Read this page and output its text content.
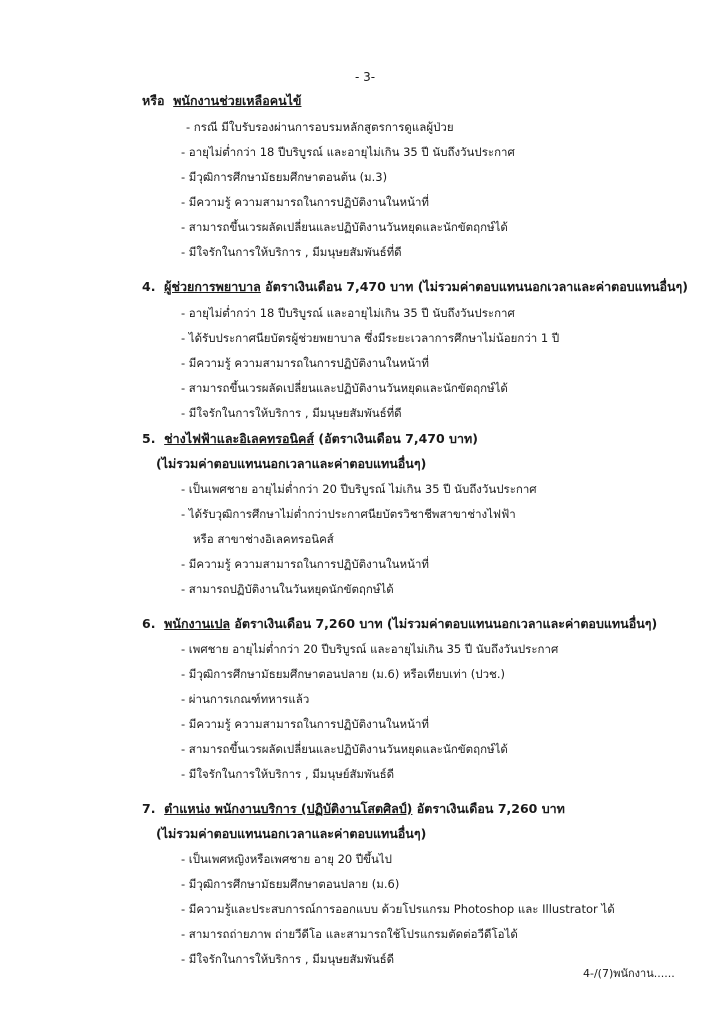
- 3-
หรือ พนักงานช่วยเหลือคนไข้
- กรณี มีใบรับรองผ่านการอบรมหลักสูตรการดูแลผู้ป่วย
- อายุไม่ต่ำกว่า 18 ปีบริบูรณ์ และอายุไม่เกิน 35 ปี นับถึงวันประกาศ
- มีวุฒิการศึกษามัธยมศึกษาตอนต้น (ม.3)
- มีความรู้ ความสามารถในการปฏิบัติงานในหน้าที่
- สามารถขึ้นเวรผลัดเปลี่ยนและปฏิบัติงานวันหยุดและนักขัตฤกษ์ได้
- มีใจรักในการให้บริการ , มีมนุษยสัมพันธ์ที่ดี
4. ผู้ช่วยการพยาบาล อัตราเงินเดือน 7,470 บาท (ไม่รวมค่าตอบแทนนอกเวลาและค่าตอบแทนอื่นๆ)
- อายุไม่ต่ำกว่า 18 ปีบริบูรณ์ และอายุไม่เกิน 35 ปี นับถึงวันประกาศ
- ได้รับประกาศนียบัตรผู้ช่วยพยาบาล ซึ่งมีระยะเวลาการศึกษาไม่น้อยกว่า 1 ปี
- มีความรู้ ความสามารถในการปฏิบัติงานในหน้าที่
- สามารถขึ้นเวรผลัดเปลี่ยนและปฏิบัติงานวันหยุดและนักขัตฤกษ์ได้
- มีใจรักในการให้บริการ , มีมนุษยสัมพันธ์ที่ดี
5. ช่างไฟฟ้าและอิเลคทรอนิคส์ (อัตราเงินเดือน 7,470 บาท)
(ไม่รวมค่าตอบแทนนอกเวลาและค่าตอบแทนอื่นๆ)
- เป็นเพศชาย อายุไม่ต่ำกว่า 20 ปีบริบูรณ์ ไม่เกิน 35 ปี นับถึงวันประกาศ
- ได้รับวุฒิการศึกษาไม่ต่ำกว่าประกาศนียบัตรวิชาชีพสาขาช่างไฟฟ้า
หรือ สาขาช่างอิเลคทรอนิคส์
- มีความรู้ ความสามารถในการปฏิบัติงานในหน้าที่
- สามารถปฏิบัติงานในวันหยุดนักขัตฤกษ์ได้
6. พนักงานเปล อัตราเงินเดือน 7,260 บาท (ไม่รวมค่าตอบแทนนอกเวลาและค่าตอบแทนอื่นๆ)
- เพศชาย อายุไม่ต่ำกว่า 20 ปีบริบูรณ์ และอายุไม่เกิน 35 ปี นับถึงวันประกาศ
- มีวุฒิการศึกษามัธยมศึกษาตอนปลาย (ม.6) หรือเทียบเท่า (ปวช.)
- ผ่านการเกณฑ์ทหารแล้ว
- มีความรู้ ความสามารถในการปฏิบัติงานในหน้าที่
- สามารถขึ้นเวรผลัดเปลี่ยนและปฏิบัติงานวันหยุดและนักขัตฤกษ์ได้
- มีใจรักในการให้บริการ , มีมนุษย์สัมพันธ์ดี
7. ตำแหน่ง พนักงานบริการ (ปฏิบัติงานโสตศิลป์) อัตราเงินเดือน 7,260 บาท
(ไม่รวมค่าตอบแทนนอกเวลาและค่าตอบแทนอื่นๆ)
- เป็นเพศหญิงหรือเพศชาย อายุ 20 ปีขึ้นไป
- มีวุฒิการศึกษามัธยมศึกษาตอนปลาย (ม.6)
- มีความรู้และประสบการณ์การออกแบบ ด้วยโปรแกรม Photoshop และ Illustrator ได้
- สามารถถ่ายภาพ ถ่ายวีดีโอ และสามารถใช้โปรแกรมตัดต่อวีดีโอได้
- มีใจรักในการให้บริการ , มีมนุษยสัมพันธ์ดี
4-/(7)พนักงาน......
